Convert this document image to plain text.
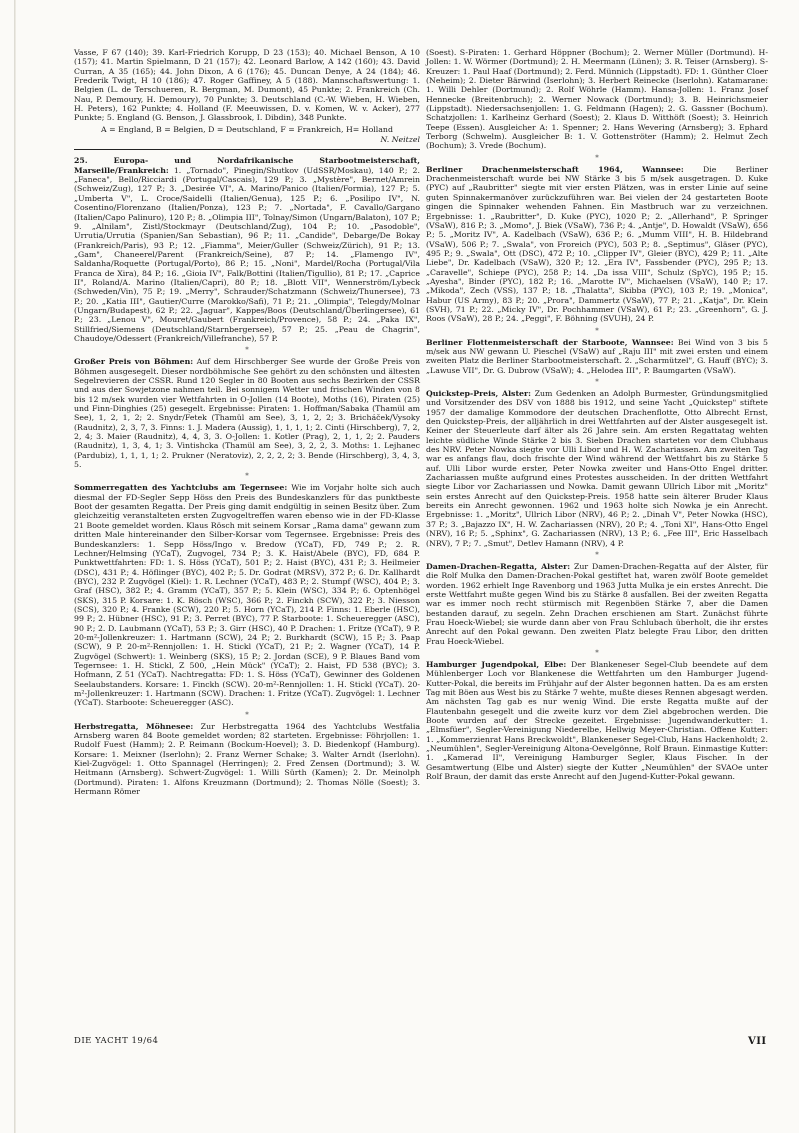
Vasse, F 67 (140); 39. Karl-Friedrich Korupp, D 23 (153); 40. Michael Benson, A 10 (157); 41. Martin Spielmann, D 21 (157); 42. Leonard Barlow, A 142 (160); 43. David Curran, A 35 (165); 44. John Dixon, A 6 (176); 45. Duncan Denye, A 24 (184); 46. Frederik Twigt, H 10 (186); 47. Roger Gaffiney, A 5 (188). Mannschaftswertung: 1. Belgien (L. de Terschueren, R. Bergman, M. Dumont), 45 Punkte; 2. Frankreich (Ch. Nau, P. Demoury, H. Demoury), 70 Punkte; 3. Deutschland (C.-W. Wieben, H. Wieben, H. Peters), 162 Punkte; 4. Holland (F. Meeuwissen, D. v. Komen, W. v. Acker), 277 Punkte; 5. England (G. Benson, J. Glassbrook, I. Dibdin), 348 Punkte.

A = England, B = Belgien, D = Deutschland, F = Frankreich, H= Holland

N. Neitzel

25. Europa- und Nordafrikanische Starbootmeisterschaft, Marseille/Frankreich: 1. „Tornado", Pinegin/Shutkov (UdSSR/Moskau), 140 P.; 2. „Faneca", Bello/Ricciardi (Portugal/Cascais), 129 P.; 3. „Mystère", Bernet/Amrein (Schweiz/Zug), 127 P.; 3. „Desirée VI", A. Marino/Panico (Italien/Formia), 127 P.; 5. „Umberta V", L. Croce/Saidelli (Italien/Genua), 125 P.; 6. „Posilipo IV", N. Cosentino/Florenzano (Italien/Ponza), 123 P.; 7. „Nortada", F. Cavallo/Gargano (Italien/Capo Palinuro), 120 P.; 8. „Olimpia III", Tolnay/Simon (Ungarn/Balaton), 107 P.; 9. „Alnilam", Zistl/Stockmayr (Deutschland/Zug), 104 P.; 10. „Pasodoble", Urrutia/Urrutia (Spanien/San Sebastian), 96 P.; 11. „Candide", Debarge/De Bokay (Frankreich/Paris), 93 P.; 12. „Fiamma", Meier/Guller (Schweiz/Zürich), 91 P.; 13. „Gam", Chaneerel/Parent (Frankreich/Seine), 87 P.; 14. „Flamengo IV", Saldanha/Roquette (Portugal/Porto), 86 P.; 15. „Noni", Mardel/Rocha (Portugal/Vila Franca de Xira), 84 P.; 16. „Gioia IV", Falk/Bottini (Italien/Tigullio), 81 P.; 17. „Caprice II", Roland/A. Marino (Italien/Capri), 80 P.; 18. „Blott VII", Wennerström/Lybeck (Schweden/Vin), 75 P.; 19. „Merry", Schrauder/Schatzmann (Schweiz/Thunersee), 73 P.; 20. „Katia III", Gautier/Curre (Marokko/Safi), 71 P.; 21. „Olimpia", Telegdy/Molnar (Ungarn/Budapest), 62 P.; 22. „Jaguar", Kappes/Boos (Deutschland/Überlingersee), 61 P.; 23. „Lenou V", Mouret/Gaubert (Frankreich/Provence), 58 P.; 24. „Paka IX", Stillfried/Siemens (Deutschland/Starnbergersee), 57 P.; 25. „Peau de Chagrin", Chaudoye/Odessert (Frankreich/Villefranche), 57 P.

*

Großer Preis von Böhmen: Auf dem Hirschberger See wurde der Große Preis von Böhmen ausgesegelt. Dieser nordböhmische See gehört zu den schönsten und ältesten Segelrevieren der CSSR. Rund 120 Segler in 80 Booten aus sechs Bezirken der CSSR und aus der Sowjetzone nahmen teil. Bei sonnigem Wetter und frischen Winden von 8 bis 12 m/sek wurden vier Wettfahrten in O-Jollen (14 Boote), Moths (16), Piraten (25) und Finn-Dinghies (25) gesegelt. Ergebnisse: Piraten: 1. Hoffman/Sabaka (Thamül am See), 1, 2, 1, 2; 2. Snydr/Fetek (Thamül am See), 3, 1, 2, 2; 3. Bricháček/Vysoky (Raudnitz), 2, 3, 7, 3. Finns: 1. J. Madera (Aussig), 1, 1, 1, 1; 2. Cinti (Hirschberg), 7, 2, 2, 4; 3. Maier (Raudnitz), 4, 4, 3, 3. O-Jollen: 1. Kotler (Prag), 2, 1, 1, 2; 2. Pauders (Raudnitz), 1, 3, 4, 1; 3. Vintishcka (Thamül am See), 3, 2, 2, 3. Moths: 1. Lejhanec (Pardubiz), 1, 1, 1, 1; 2. Prukner (Neratoviz), 2, 2, 2, 2; 3. Bende (Hirschberg), 3, 4, 3, 5.

*

Sommerregatten des Yachtclubs am Tegernsee: Wie im Vorjahr holte sich auch diesmal der FD-Segler Sepp Höss den Preis des Bundeskanzlers für das punktbeste Boot der gesamten Regatta. Der Preis ging damit endgültig in seinen Besitz über. Zum gleichzeitig veranstalteten ersten Zugvogeltreffen waren ebenso wie in der FD-Klasse 21 Boote gemeldet worden. Klaus Rösch mit seinem Korsar „Rama dama" gewann zum dritten Male hintereinander den Silber-Korsar vom Tegernsee. Ergebnisse: Preis des Bundeskanzlers: 1. Sepp Höss/Ingo v. Bredow (YCaT), FD, 749 P.; 2. R. Lechner/Helmsing (YCaT), Zugvogel, 734 P.; 3. K. Haist/Abele (BYC), FD, 684 P. Punktwettfahrten: FD: 1. S. Höss (YCaT), 501 P.; 2. Haist (BYC), 431 P.; 3. Heilmeier (DSC), 431 P.; 4. Höflinger (BYC), 402 P.; 5. Dr. Godrat (MRSV), 372 P.; 6. Dr. Kallhardt (BYC), 232 P. Zugvögel (Kiel): 1. R. Lechner (YCaT), 483 P.; 2. Stumpf (WSC), 404 P.; 3. Graf (HSC), 382 P.; 4. Gramm (YCaT), 357 P.; 5. Klein (WSC), 334 P.; 6. Optenhögel (SKS), 315 P. Korsare: 1. K. Rösch (WSC), 366 P.; 2. Finckh (SCW), 322 P.; 3. Niesson (SCS), 320 P.; 4. Franke (SCW), 220 P.; 5. Horn (YCaT), 214 P. Finns: 1. Eberle (HSC), 99 P.; 2. Hübner (HSC), 91 P.; 3. Perret (BYC), 77 P. Starboote: 1. Scheueregger (ASC), 90 P.; 2. D. Laubmann (YCaT), 53 P.; 3. Girr (HSC), 40 P. Drachen: 1. Fritze (YCaT), 9 P. 20-m²-Jollenkreuzer: 1. Hartmann (SCW), 24 P.; 2. Burkhardt (SCW), 15 P.; 3. Paap (SCW), 9 P. 20-m²-Rennjollen: 1. H. Stickl (YCaT), 21 P.; 2. Wagner (YCaT), 14 P. Zugvögel (Schwert): 1. Weinberg (SKS), 15 P.; 2. Jordan (SCE), 9 P. Blaues Band vom Tegernsee: 1. H. Stickl, Z 500, „Hein Mück" (YCaT); 2. Haist, FD 538 (BYC); 3. Hofmann, Z 51 (YCaT). Nachtregatta: FD: 1. S. Höss (YCaT), Gewinner des Goldenen Seelaubstanders. Korsare: 1. Finckh (SCW). 20-m²-Rennjollen: 1. H. Stickl (YCaT). 20-m²-Jollenkreuzer: 1. Hartmann (SCW). Drachen: 1. Fritze (YCaT). Zugvögel: 1. Lechner (YCaT). Starboote: Scheueregger (ASC).

*

Herbstregatta, Möhnesee: Zur Herbstregatta 1964 des Yachtclubs Westfalia Arnsberg waren 84 Boote gemeldet worden; 82 starteten. Ergebnisse: Föhrjollen: 1. Rudolf Fuest (Hamm); 2. P. Reimann (Bockum-Hoevel); 3. D. Biedenkopf (Hamburg). Korsare: 1. Meixner (Iserlohn); 2. Franz Werner Schake; 3. Walter Arndt (Iserlohn). Kiel-Zugvögel: 1. Otto Spannagel (Herringen); 2. Fred Zensen (Dortmund); 3. W. Heitmann (Arnsberg). Schwert-Zugvögel: 1. Willi Sürth (Kamen); 2. Dr. Meinolph (Dortmund). Piraten: 1. Alfons Kreuzmann (Dortmund); 2. Thomas Nölle (Soest); 3. Hermann Römer

(Soest). S-Piraten: 1. Gerhard Höppner (Bochum); 2. Werner Müller (Dortmund). H-Jollen: 1. W. Wörmer (Dortmund); 2. H. Meermann (Lünen); 3. R. Teiser (Arnsberg). S-Kreuzer: 1. Paul Haaf (Dortmund); 2. Ferd. Münnich (Lippstadt). FD: 1. Günther Cloer (Neheim); 2. Dieter Bärwind (Iserlohn); 3. Herbert Reinecke (Iserlohn). Katamarane: 1. Willi Dehler (Dortmund); 2. Rolf Wöhrle (Hamm). Hansa-Jollen: 1. Franz Josef Hennecke (Breitenbruch); 2. Werner Nowack (Dortmund); 3. B. Heinrichsmeier (Lippstadt). Niedersachsenjollen: 1. G. Feldmann (Hagen); 2. G. Gassner (Bochum). Schatzjollen: 1. Karlheinz Gerhard (Soest); 2. Klaus D. Witthöft (Soest); 3. Heinrich Teepe (Essen). Ausgleicher A: 1. Spenner; 2. Hans Wevering (Arnsberg); 3. Ephard Terborg (Schwelm). Ausgleicher B: 1. V. Gottenströter (Hamm); 2. Helmut Zech (Bochum); 3. Vrede (Bochum).

*

Berliner Drachenmeisterschaft 1964, Wannsee: Die Berliner Drachenmeisterschaft wurde bei NW Stärke 3 bis 5 m/sek ausgetragen. D. Kuke (PYC) auf „Raubritter" siegte mit vier ersten Plätzen, was in erster Linie auf seine guten Spinnakermanöver zurückzuführen war. Bei vielen der 24 gestarteten Boote gingen die Spinnaker wehenden Fahnen. Ein Mastbruch war zu verzeichnen. Ergebnisse: 1. „Raubritter", D. Kuke (PYC), 1020 P.; 2. „Allerhand", P. Springer (VSaW), 816 P.; 3. „Momo", J. Biek (VSaW), 736 P.; 4. „Antje", D. Howaldt (VSaW), 656 P.; 5. „Moritz IV", A. Kadelbach (VSaW), 636 P.; 6. „Mumm VIII", H. B. Hildebrand (VSaW), 506 P.; 7. „Swala", von Froreich (PYC), 503 P.; 8. „Septimus", Gläser (PYC), 495 P.; 9. „Swala", Ott (DSC), 472 P.; 10. „Clipper IV", Gleier (BYC), 429 P.; 11. „Alte Liebe", Dr. Kadelbach (VSaW), 320 P.; 12. „Era IV", Fassbender (PYC), 295 P.; 13. „Caravelle", Schiepe (PYC), 258 P.; 14. „Da issa VIII", Schulz (SpYC), 195 P.; 15. „Ayesha", Binder (PYC), 182 P.; 16. „Marotte IV", Michaelsen (VSaW), 140 P.; 17. „Mikoda", Zech (VSS), 137 P.; 18. „Thalatta", Skibba (PYC), 103 P.; 19. „Monica", Habur (US Army), 83 P.; 20. „Prora", Dammertz (VSaW), 77 P.; 21. „Katja", Dr. Klein (SVH), 71 P.; 22. „Micky IV", Dr. Pochhammer (VSaW), 61 P.; 23. „Greenhorn", G. J. Roos (VSaW), 28 P.; 24. „Peggi", F. Böhning (SVUH), 24 P.

*

Berliner Flottenmeisterschaft der Starboote, Wannsee: Bei Wind von 3 bis 5 m/sek aus NW gewann U. Pieschel (VSaW) auf „Raju III" mit zwei ersten und einem zweiten Platz die Berliner Starbootmeisterschaft. 2. „Scharmützel", G. Hauff (BYC); 3. „Lawuse VII", Dr. G. Dubrow (VSaW); 4. „Helodea III", P. Baumgarten (VSaW).

*

Quickstep-Preis, Alster: Zum Gedenken an Adolph Burmester, Gründungsmitglied und Vorsitzender des DSV von 1888 bis 1912, und seine Yacht „Quickstep" stiftete 1957 der damalige Kommodore der deutschen Drachenflotte, Otto Albrecht Ernst, den Quickstep-Preis, der alljährlich in drei Wettfahrten auf der Alster ausgesegelt ist. Keiner der Steuerleute darf älter als 26 Jahre sein. Am ersten Regattatag wehten leichte südliche Winde Stärke 2 bis 3. Sieben Drachen starteten vor dem Clubhaus des NRV. Peter Nowka siegte vor Ulli Libor und H. W. Zachariassen. Am zweiten Tag war es anfangs flau, doch frischte der Wind während der Wettfahrt bis zu Stärke 5 auf. Ulli Libor wurde erster, Peter Nowka zweiter und Hans-Otto Engel dritter. Zachariassen mußte aufgrund eines Protestes ausscheiden. In der dritten Wettfahrt siegte Libor vor Zachariassen und Nowka. Damit gewann Ullrich Libor mit „Moritz" sein erstes Anrecht auf den Quickstep-Preis. 1958 hatte sein älterer Bruder Klaus bereits ein Anrecht gewonnen. 1962 und 1963 holte sich Nowka je ein Anrecht. Ergebnisse: 1. „Moritz", Ullrich Libor (NRV), 46 P.; 2. „Dinah V", Peter Nowka (HSC), 37 P.; 3. „Bajazzo IX", H. W. Zachariassen (NRV), 20 P.; 4. „Toni XI", Hans-Otto Engel (NRV), 16 P.; 5. „Sphinx", G. Zachariassen (NRV), 13 P.; 6. „Fee III", Eric Hasselbach (NRV), 7 P.; 7. „Smut", Detlev Hamann (NRV), 4 P.

*

Damen-Drachen-Regatta, Alster: Zur Damen-Drachen-Regatta auf der Alster, für die Rolf Mulka den Damen-Drachen-Pokal gestiftet hat, waren zwölf Boote gemeldet worden. 1962 erhielt Inge Ravenborg und 1963 Jutta Mulka je ein erstes Anrecht. Die erste Wettfahrt mußte gegen Wind bis zu Stärke 8 ausfallen. Bei der zweiten Regatta war es immer noch recht stürmisch mit Regenböen Stärke 7, aber die Damen bestanden darauf, zu segeln. Zehn Drachen erschienen am Start. Zunächst führte Frau Hoeck-Wiebel; sie wurde dann aber von Frau Schlubach überholt, die ihr erstes Anrecht auf den Pokal gewann. Den zweiten Platz belegte Frau Libor, den dritten Frau Hoeck-Wiebel.

*

Hamburger Jugendpokal, Elbe: Der Blankeneser Segel-Club beendete auf dem Mühlenberger Loch vor Blankenese die Wettfahrten um den Hamburger Jugend-Kutter-Pokal, die bereits im Frühjahr auf der Alster begonnen hatten. Da es am ersten Tag mit Böen aus West bis zu Stärke 7 wehte, mußte dieses Rennen abgesagt werden. Am nächsten Tag gab es nur wenig Wind. Die erste Regatta mußte auf der Flautenbahn gesegelt und die zweite kurz vor dem Ziel abgebrochen werden. Die Boote wurden auf der Strecke gezeitet. Ergebnisse: Jugendwanderkutter: 1. „Elmsfüer", Segler-Vereinigung Niederelbe, Hellwig Meyer-Christian. Offene Kutter: 1. „Kommerzienrat Hans Breckwoldt", Blankeneser Segel-Club, Hans Hackenholdt; 2. „Neumühlen", Segler-Vereinigung Altona-Oevelgönne, Rolf Braun. Einmastige Kutter: 1. „Kamerad II", Vereinigung Hamburger Segler, Klaus Fischer. In der Gesamtwertung (Elbe und Alster) siegte der Kutter „Neumühlen" der SVAOe unter Rolf Braun, der damit das erste Anrecht auf den Jugend-Kutter-Pokal gewann.

DIE YACHT 19/64	VII
